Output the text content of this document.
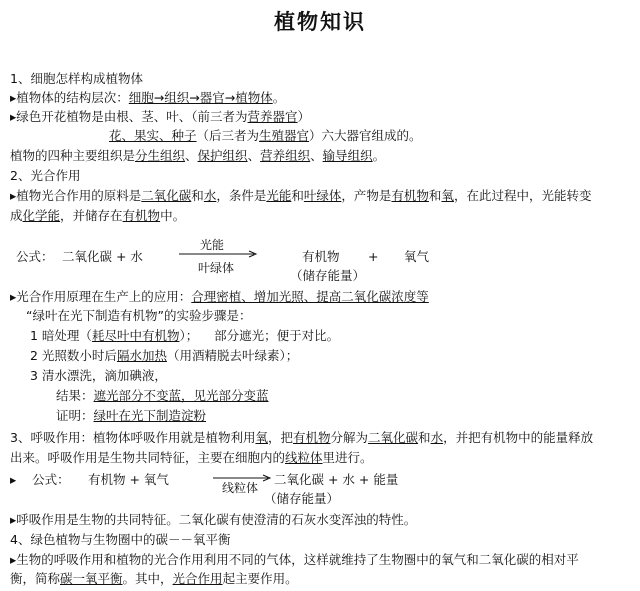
植物知识
1、细胞怎样构成植物体
▸植物体的结构层次：细胞→组织→器官→植物体。
▸绿色开花植物是由根、茎、叶、（前三者为营养器官）
花、果实、种子（后三者为生殖器官）六大器官组成的。
植物的四种主要组织是分生组织、保护组织、营养组织、输导组织。
2、光合作用
▸植物光合作用的原料是二氧化碳和水，条件是光能和叶绿体，产物是有机物和氧，在此过程中，光能转变
成化学能，并储存在有机物中。
公式： 二氧化碳 + 水
光能
叶绿体
有机物 + 氧气
（储存能量）
▸光合作用原理在生产上的应用：合理密植、增加光照、提高二氧化碳浓度等
“绿叶在光下制造有机物”的实验步骤是：
1 暗处理（耗尽叶中有机物）；    部分遮光；便于对比。
2 光照数小时后隔水加热（用酒精脱去叶绿素）；
3 清水漂洗，滴加碘液，
结果：遮光部分不变蓝，见光部分变蓝
证明：绿叶在光下制造淀粉
3、呼吸作用：植物体呼吸作用就是植物利用氧，把有机物分解为二氧化碳和水，并把有机物中的能量释放
出来。呼吸作用是生物共同特征，主要在细胞内的线粒体里进行。
▸    公式： 有机物 + 氧气
线粒体
二氧化碳 + 水 + 能量
（储存能量）
▸呼吸作用是生物的共同特征。二氧化碳有使澄清的石灰水变浑浊的特性。
4、绿色植物与生物圈中的碳－－氧平衡
▸生物的呼吸作用和植物的光合作用利用不同的气体，这样就维持了生物圈中的氧气和二氧化碳的相对平
衡，简称碳一氧平衡。其中，光合作用起主要作用。
